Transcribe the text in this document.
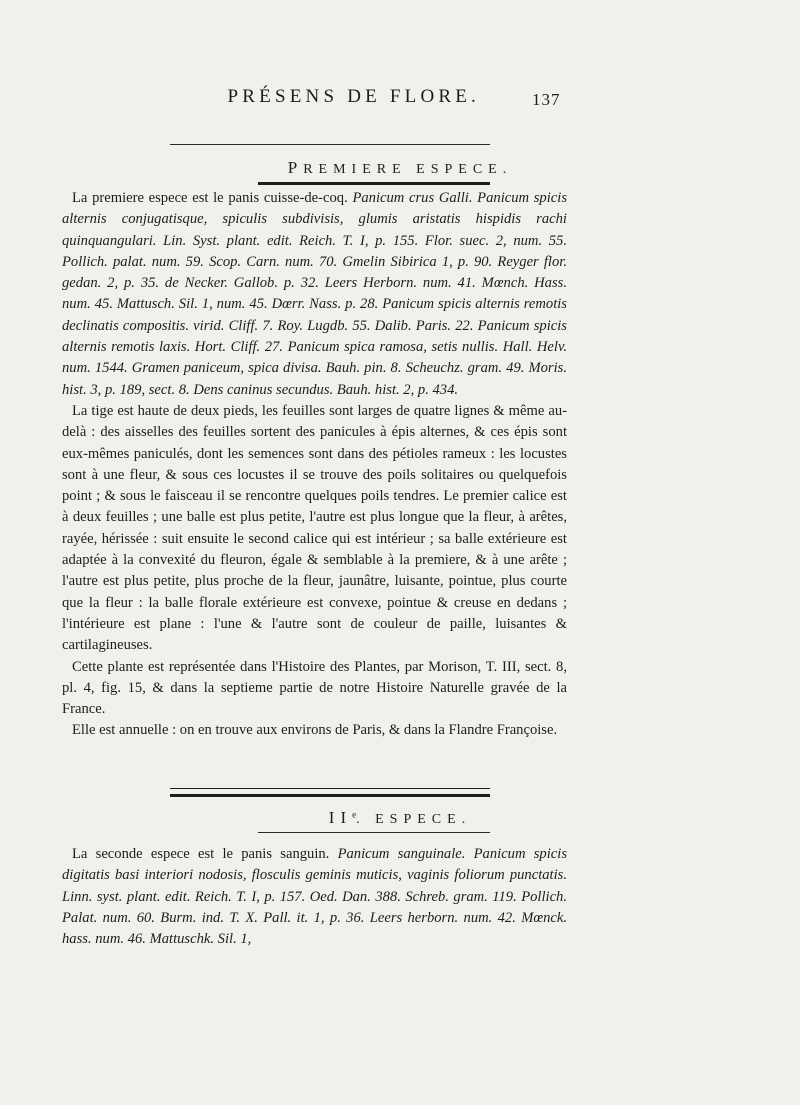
PRÉSENS DE FLORE.	137
PREMIERE ESPECE.

La premiere espece est le panis cuisse-de-coq. Panicum crus Galli. Panicum spicis alternis conjugatisque, spiculis subdivisis, glumis aristatis hispidis rachi quinquangulari. Lin. Syst. plant. edit. Reich. T. I, p. 155. Flor. suec. 2, num. 55. Pollich. palat. num. 59. Scop. Carn. num. 70. Gmelin Sibirica 1, p. 90. Reyger flor. gedan. 2, p. 35. de Necker. Gallob. p. 32. Leers Herborn. num. 41. Mœnch. Hass. num. 45. Mattusch. Sil. 1, num. 45. Dœrr. Nass. p. 28. Panicum spicis alternis remotis declinatis compositis. virid. Cliff. 7. Roy. Lugdb. 55. Dalib. Paris. 22. Panicum spicis alternis remotis laxis. Hort. Cliff. 27. Panicum spica ramosa, setis nullis. Hall. Helv. num. 1544. Gramen paniceum, spica divisa. Bauh. pin. 8. Scheuchz. gram. 49. Moris. hist. 3, p. 189, sect. 8. Dens caninus secundus. Bauh. hist. 2, p. 434.

La tige est haute de deux pieds, les feuilles sont larges de quatre lignes & même au-delà : des aisselles des feuilles sortent des panicules à épis alternes, & ces épis sont eux-mêmes paniculés, dont les semences sont dans des pétioles rameux : les locustes sont à une fleur, & sous ces locustes il se trouve des poils solitaires ou quelquefois point ; & sous le faisceau il se rencontre quelques poils tendres. Le premier calice est à deux feuilles ; une balle est plus petite, l'autre est plus longue que la fleur, à arêtes, rayée, hérissée : suit ensuite le second calice qui est intérieur ; sa balle extérieure est adaptée à la convexité du fleuron, égale & semblable à la premiere, & à une arête ; l'autre est plus petite, plus proche de la fleur, jaunâtre, luisante, pointue, plus courte que la fleur : la balle florale extérieure est convexe, pointue & creuse en dedans ; l'intérieure est plane : l'une & l'autre sont de couleur de paille, luisantes & cartilagineuses.

Cette plante est représentée dans l'Histoire des Plantes, par Morison, T. III, sect. 8, pl. 4, fig. 15, & dans la septieme partie de notre Histoire Naturelle gravée de la France.

Elle est annuelle : on en trouve aux environs de Paris, & dans la Flandre Françoise.

IIe. ESPECE.

La seconde espece est le panis sanguin. Panicum sanguinale. Panicum spicis digitatis basi interiori nodosis, flosculis geminis muticis, vaginis foliorum punctatis. Linn. syst. plant. edit. Reich. T. I, p. 157. Oed. Dan. 388. Schreb. gram. 119. Pollich. Palat. num. 60. Burm. ind. T. X. Pall. it. 1, p. 36. Leers herborn. num. 42. Mœnck. hass. num. 46. Mattuschk. Sil. 1,
